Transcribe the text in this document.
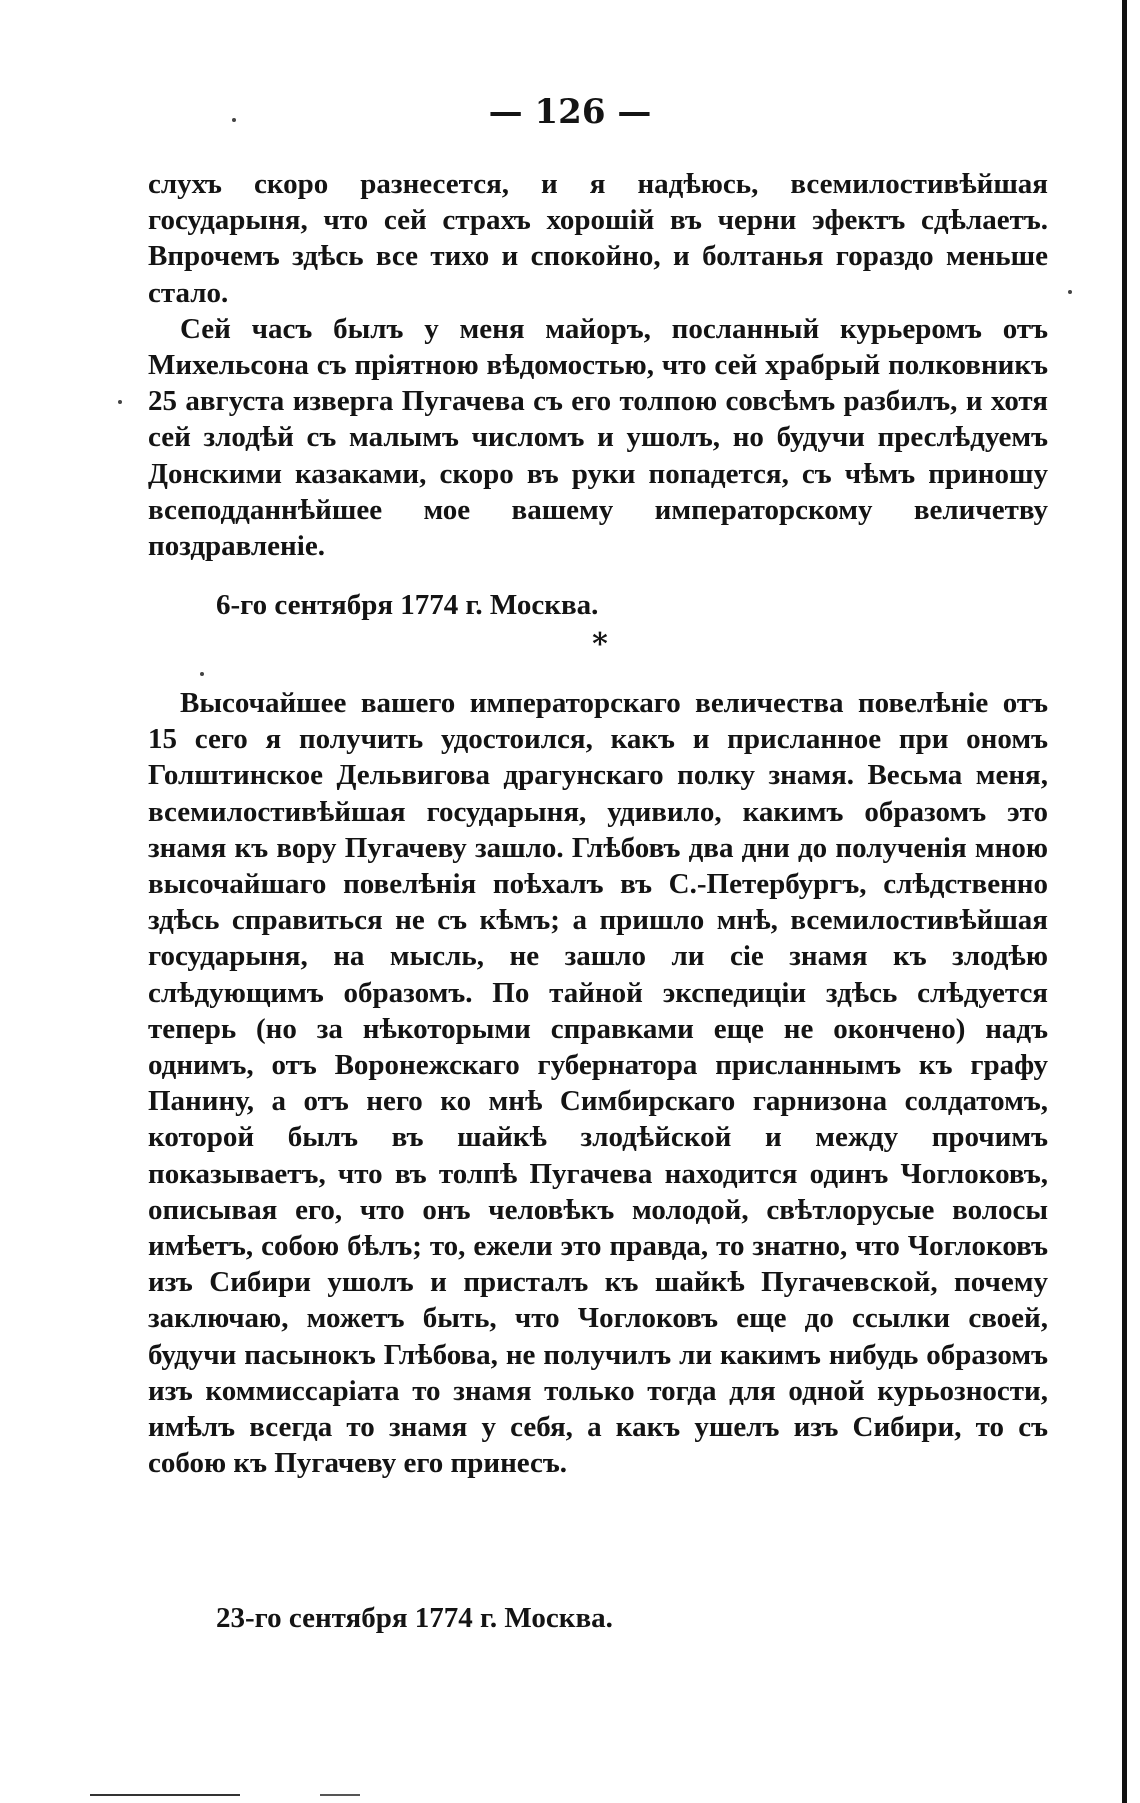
— 126 —

слухъ скоро разнесется, и я надѣюсь, всемилостивѣйшая государыня, что сей страхъ хорошій въ черни эфектъ сдѣлаетъ. Впрочемъ здѣсь все тихо и спокойно, и болтанья гораздо меньше стало.

Сей часъ былъ у меня майоръ, посланный курьеромъ отъ Михельсона съ пріятною вѣдомостью, что сей храбрый полковникъ 25 августа изверга Пугачева съ его толпою совсѣмъ разбилъ, и хотя сей злодѣй съ малымъ числомъ и ушолъ, но будучи преслѣдуемъ Донскими казаками, скоро въ руки попадется, съ чѣмъ приношу всеподданнѣйшее мое вашему императорскому величетву поздравленіе.

6-го сентября 1774 г. Москва.

*

Высочайшее вашего императорскаго величества повелѣніе отъ 15 сего я получить удостоился, какъ и присланное при ономъ Голштинское Дельвигова драгунскаго полку знамя. Весьма меня, всемилостивѣйшая государыня, удивило, какимъ образомъ это знамя къ вору Пугачеву зашло. Глѣбовъ два дни до полученія мною высочайшаго повелѣнія поѣхалъ въ С.-Петербургъ, слѣдственно здѣсь справиться не съ кѣмъ; а пришло мнѣ, всемилостивѣйшая государыня, на мысль, не зашло ли сіе знамя къ злодѣю слѣдующимъ образомъ. По тайной экспедиціи здѣсь слѣдуется теперь (но за нѣкоторыми справками еще не окончено) надъ однимъ, отъ Воронежскаго губернатора присланнымъ къ графу Панину, а отъ него ко мнѣ Симбирскаго гарнизона солдатомъ, которой былъ въ шайкѣ злодѣйской и между прочимъ показываетъ, что въ толпѣ Пугачева находится одинъ Чоглоковъ, описывая его, что онъ человѣкъ молодой, свѣтлорусые волосы имѣетъ, собою бѣлъ; то, ежели это правда, то знатно, что Чоглоковъ изъ Сибири ушолъ и присталъ къ шайкѣ Пугачевской, почему заключаю, можетъ быть, что Чоглоковъ еще до ссылки своей, будучи пасынокъ Глѣбова, не получилъ ли какимъ нибудь образомъ изъ коммиссаріата то знамя только тогда для одной курьозности, имѣлъ всегда то знамя у себя, а какъ ушелъ изъ Сибири, то съ собою къ Пугачеву его принесъ.

23-го сентября 1774 г. Москва.
